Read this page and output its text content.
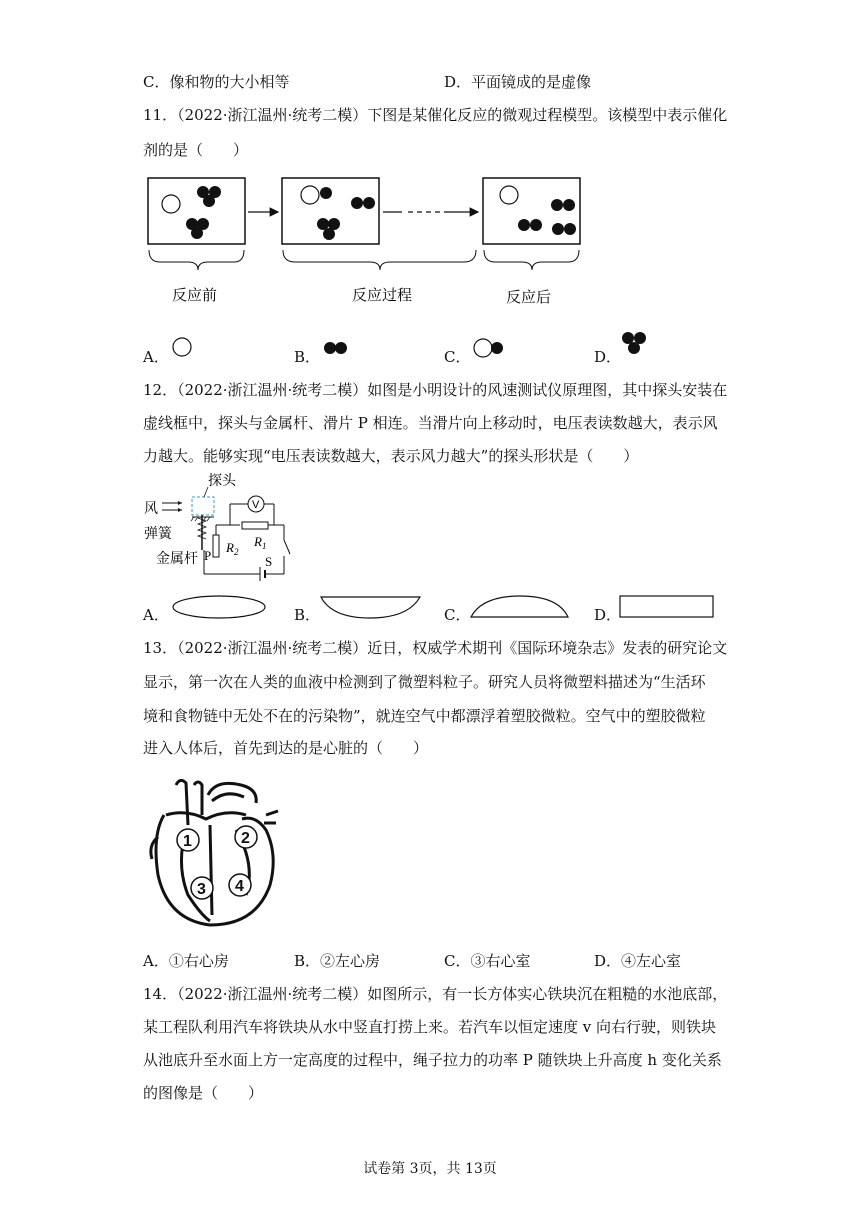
C．像和物的大小相等	D．平面镜成的是虚像
11．（2022·浙江温州·统考二模）下图是某催化反应的微观过程模型。该模型中表示催化
剂的是（　　）
反应前	反应过程	反应后
A．	B．	C．	D．
12．（2022·浙江温州·统考二模）如图是小明设计的风速测试仪原理图，其中探头安装在
虚线框中，探头与金属杆、滑片 P 相连。当滑片向上移动时，电压表读数越大，表示风
力越大。能够实现“电压表读数越大，表示风力越大”的探头形状是（　　）
风
探头
弹簧
金属杆
$R_2$
P
$R_1$
V
S
A．	B．	C．	D．
13．（2022·浙江温州·统考二模）近日，权威学术期刊《国际环境杂志》发表的研究论文
显示，第一次在人类的血液中检测到了微塑料粒子。研究人员将微塑料描述为“生活环
境和食物链中无处不在的污染物”，就连空气中都漂浮着塑胶微粒。空气中的塑胶微粒
进入人体后，首先到达的是心脏的（　　）
1	2
3 4
A．①右心房	B．②左心房	C．③右心室	D．④左心室
14．（2022·浙江温州·统考二模）如图所示，有一长方体实心铁块沉在粗糙的水池底部，
某工程队利用汽车将铁块从水中竖直打捞上来。若汽车以恒定速度 v 向右行驶，则铁块
从池底升至水面上方一定高度的过程中，绳子拉力的功率 P 随铁块上升高度 h 变化关系
的图像是（　　）
试卷第 3页，共 13页
